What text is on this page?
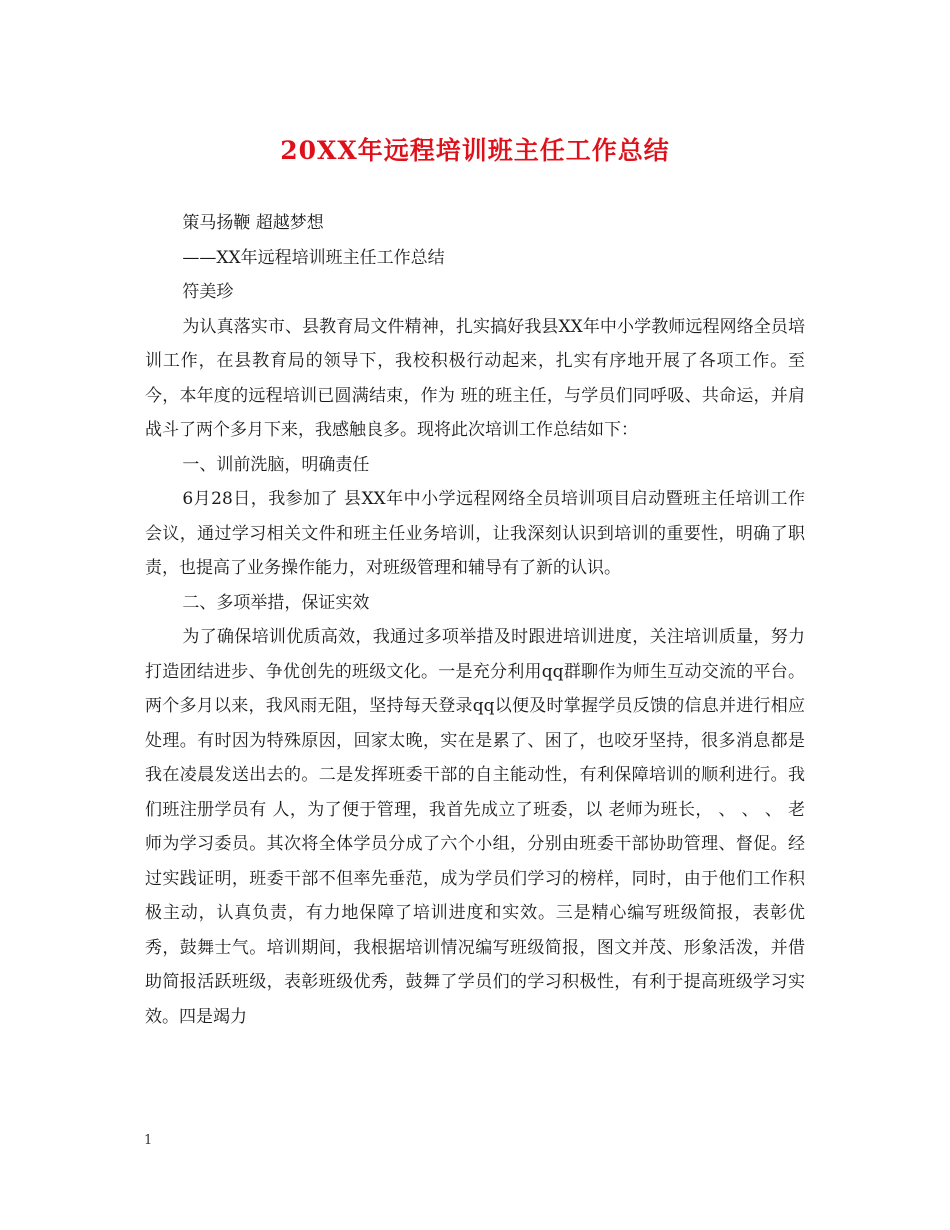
20XX年远程培训班主任工作总结

策马扬鞭 超越梦想

——XX年远程培训班主任工作总结

符美珍

为认真落实市、县教育局文件精神，扎实搞好我县XX年中小学教师远程网络全员培训工作，在县教育局的领导下，我校积极行动起来，扎实有序地开展了各项工作。至今，本年度的远程培训已圆满结束，作为 班的班主任，与学员们同呼吸、共命运，并肩战斗了两个多月下来，我感触良多。现将此次培训工作总结如下：

一、训前洗脑，明确责任

6月28日，我参加了 县XX年中小学远程网络全员培训项目启动暨班主任培训工作会议，通过学习相关文件和班主任业务培训，让我深刻认识到培训的重要性，明确了职责，也提高了业务操作能力，对班级管理和辅导有了新的认识。

二、多项举措，保证实效

为了确保培训优质高效，我通过多项举措及时跟进培训进度，关注培训质量，努力打造团结进步、争优创先的班级文化。一是充分利用qq群聊作为师生互动交流的平台。两个多月以来，我风雨无阻，坚持每天登录qq以便及时掌握学员反馈的信息并进行相应处理。有时因为特殊原因，回家太晚，实在是累了、困了，也咬牙坚持，很多消息都是我在凌晨发送出去的。二是发挥班委干部的自主能动性，有利保障培训的顺利进行。我们班注册学员有 人，为了便于管理，我首先成立了班委，以 老师为班长， 、 、 、 老师为学习委员。其次将全体学员分成了六个小组，分别由班委干部协助管理、督促。经过实践证明，班委干部不但率先垂范，成为学员们学习的榜样，同时，由于他们工作积极主动，认真负责，有力地保障了培训进度和实效。三是精心编写班级简报，表彰优秀，鼓舞士气。培训期间，我根据培训情况编写班级简报，图文并茂、形象活泼，并借助简报活跃班级，表彰班级优秀，鼓舞了学员们的学习积极性，有利于提高班级学习实效。四是竭力

1
